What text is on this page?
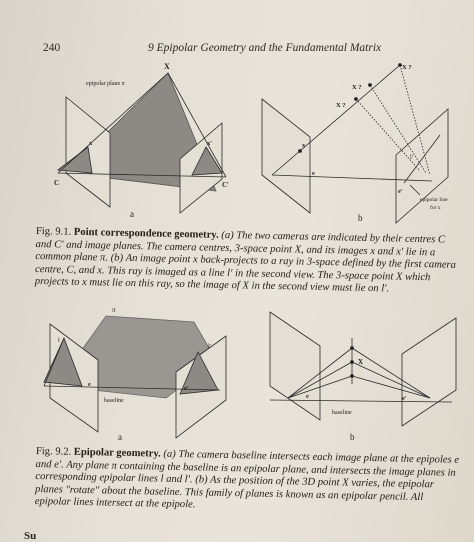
240	9 Epipolar Geometry and the Fundamental Matrix
X
epipolar plane π
x	x′
C	C′
a
X ?
X ?
X ?
x
e
l′
e′
epipolar line
for x
b
Fig. 9.1. Point correspondence geometry. (a) The two cameras are indicated by their centres C and C′ and image planes. The camera centres, 3-space point X, and its images x and x′ lie in a common plane π. (b) An image point x back-projects to a ray in 3-space defined by the first camera centre, C, and x. This ray is imaged as a line l′ in the second view. The 3-space point X which projects to x must lie on this ray, so the image of X in the second view must lie on l′.
π
l
l′
e
e′
baseline
a
X
e	e′
baseline
b
Fig. 9.2. Epipolar geometry. (a) The camera baseline intersects each image plane at the epipoles e and e′. Any plane π containing the baseline is an epipolar plane, and intersects the image planes in corresponding epipolar lines l and l′. (b) As the position of the 3D point X varies, the epipolar planes "rotate" about the baseline. This family of planes is known as an epipolar pencil. All epipolar lines intersect at the epipole.
Su
